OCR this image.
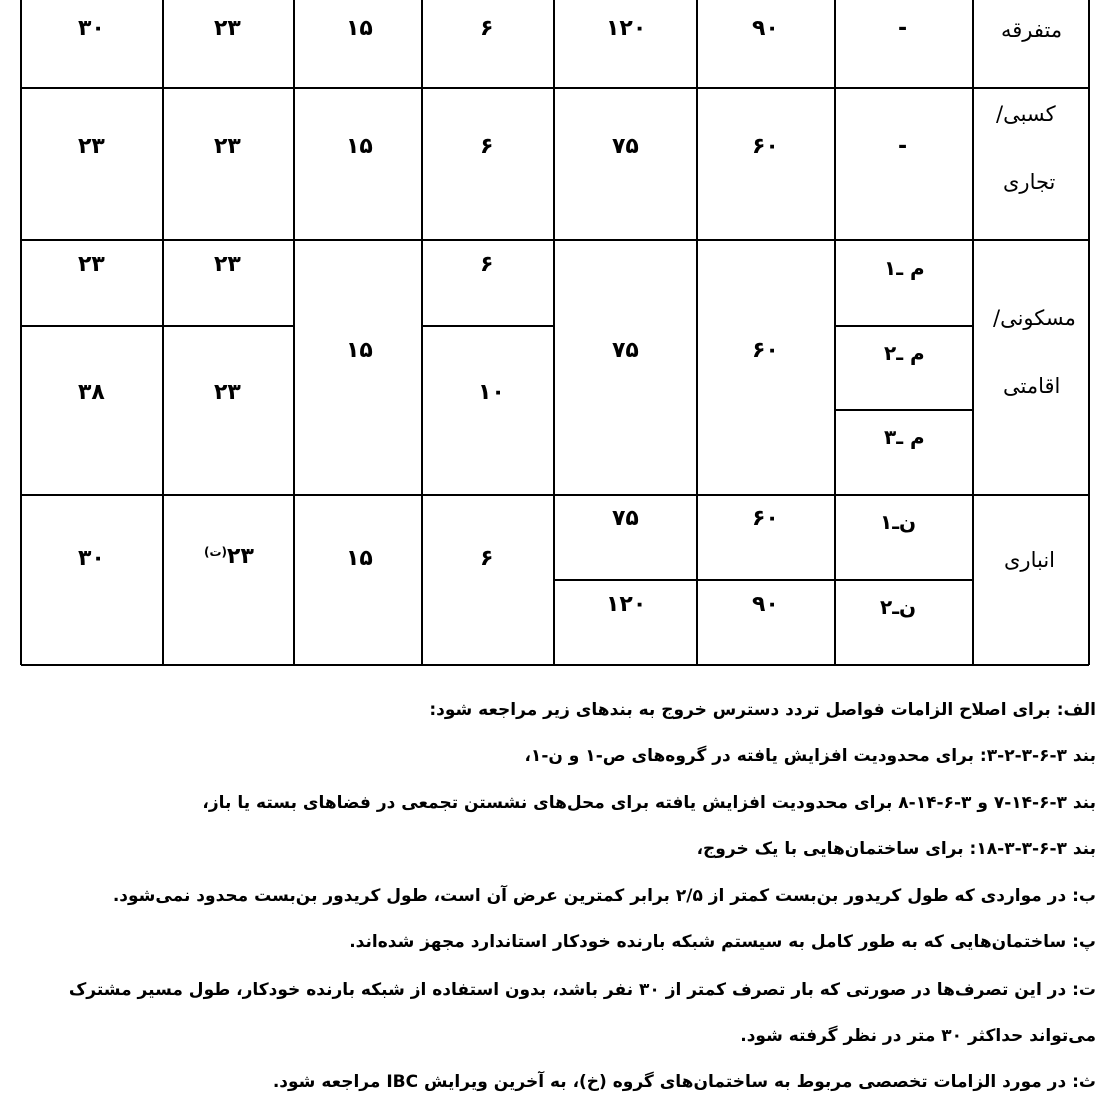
متفرقه
-
۹۰
۱۲۰
۶
۱۵
۲۳
۳۰
کسبی/
تجاری
-
۶۰
۷۵
۶
۱۵
۲۳
۲۳
مسکونی/
اقامتی
م ـ۱
م ـ۲
م ـ۳
۶۰
۷۵
۶
۱۰
۱۵
۲۳
۲۳
۲۳
۳۸
انباری
ن‌ـ۱
ن‌ـ۲
۶۰
۷۵
۹۰
۱۲۰
۶
۱۵
$۲۳^{(ت)}$
۳۰
الف: برای اصلاح الزامات فواصل تردد دسترس خروج به بندهای زیر مراجعه شود:
بند ۳-۶-۳-۲-۳: برای محدودیت افزایش یافته در گروه‌های ص-۱ و ن-۱،
بند ۳-۶-۱۴-۷ و ۳-۶-۱۴-۸ برای محدودیت افزایش یافته برای محل‌های نشستن تجمعی در فضاهای بسته یا باز،
بند ۳-۶-۳-۳-۱۸: برای ساختمان‌هایی با یک خروج،
ب: در مواردی که طول کریدور بن‌بست کمتر از ۲/۵ برابر کمترین عرض آن است، طول کریدور بن‌بست محدود نمی‌شود.
پ: ساختمان‌هایی که به طور کامل به سیستم شبکه بارنده خودکار استاندارد مجهز شده‌اند.
ت: در این تصرف‌ها در صورتی که بار تصرف کمتر از ۳۰ نفر باشد، بدون استفاده از شبکه بارنده خودکار، طول مسیر مشترک
می‌تواند حداکثر ۳۰ متر در نظر گرفته شود.
ث: در مورد الزامات تخصصی مربوط به ساختمان‌های گروه (خ)، به آخرین ویرایش IBC مراجعه شود.
